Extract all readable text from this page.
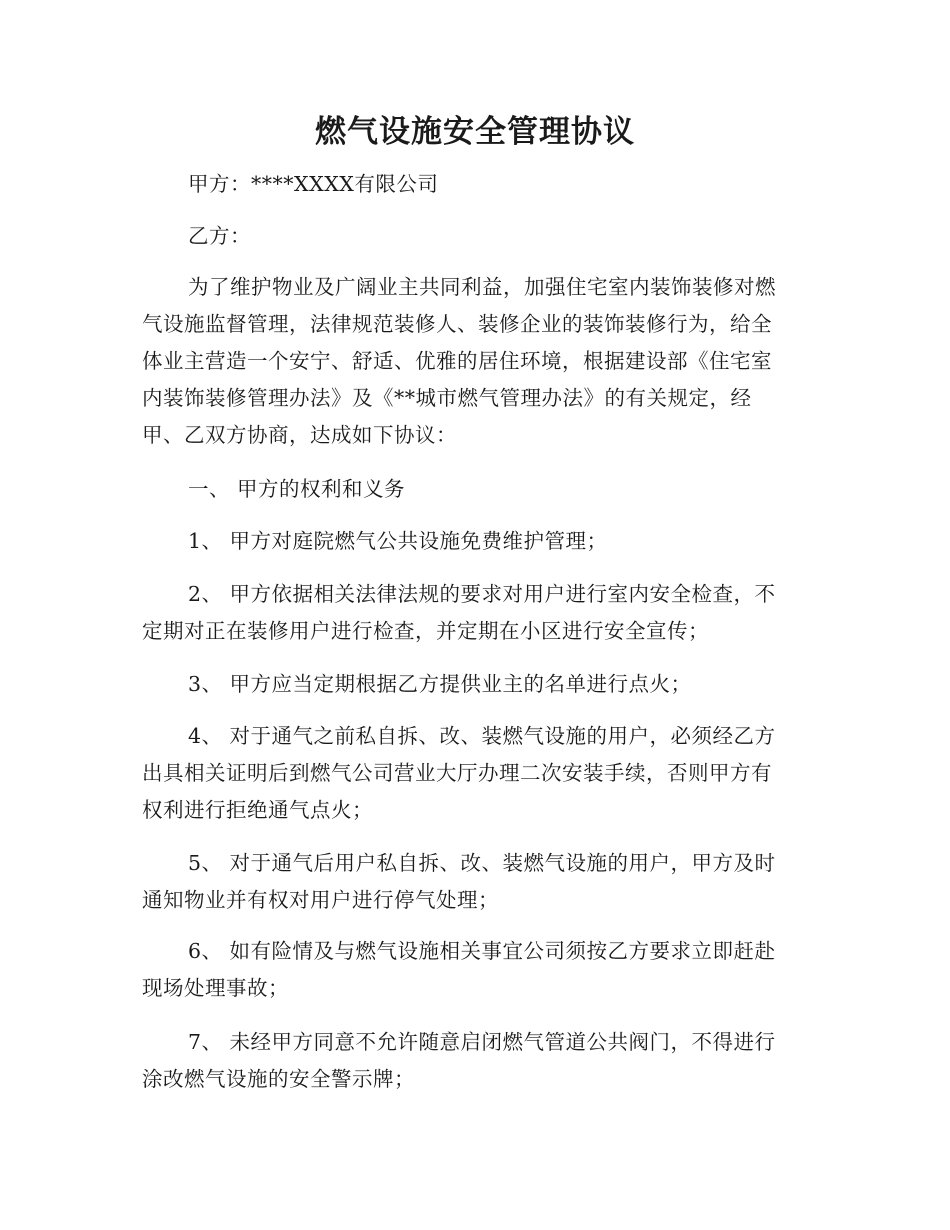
燃气设施安全管理协议

甲方：****XXXX有限公司

乙方：

为了维护物业及广阔业主共同利益，加强住宅室内装饰装修对燃
气设施监督管理，法律规范装修人、装修企业的装饰装修行为，给全
体业主营造一个安宁、舒适、优雅的居住环境，根据建设部《住宅室
内装饰装修管理办法》及《**城市燃气管理办法》的有关规定，经
甲、乙双方协商，达成如下协议：

一、 甲方的权利和义务

1、 甲方对庭院燃气公共设施免费维护管理；

2、 甲方依据相关法律法规的要求对用户进行室内安全检查，不
定期对正在装修用户进行检查，并定期在小区进行安全宣传；

3、 甲方应当定期根据乙方提供业主的名单进行点火；

4、 对于通气之前私自拆、改、装燃气设施的用户，必须经乙方
出具相关证明后到燃气公司营业大厅办理二次安装手续，否则甲方有
权利进行拒绝通气点火；

5、 对于通气后用户私自拆、改、装燃气设施的用户，甲方及时
通知物业并有权对用户进行停气处理；

6、 如有险情及与燃气设施相关事宜公司须按乙方要求立即赶赴
现场处理事故；

7、 未经甲方同意不允许随意启闭燃气管道公共阀门，不得进行
涂改燃气设施的安全警示牌；
